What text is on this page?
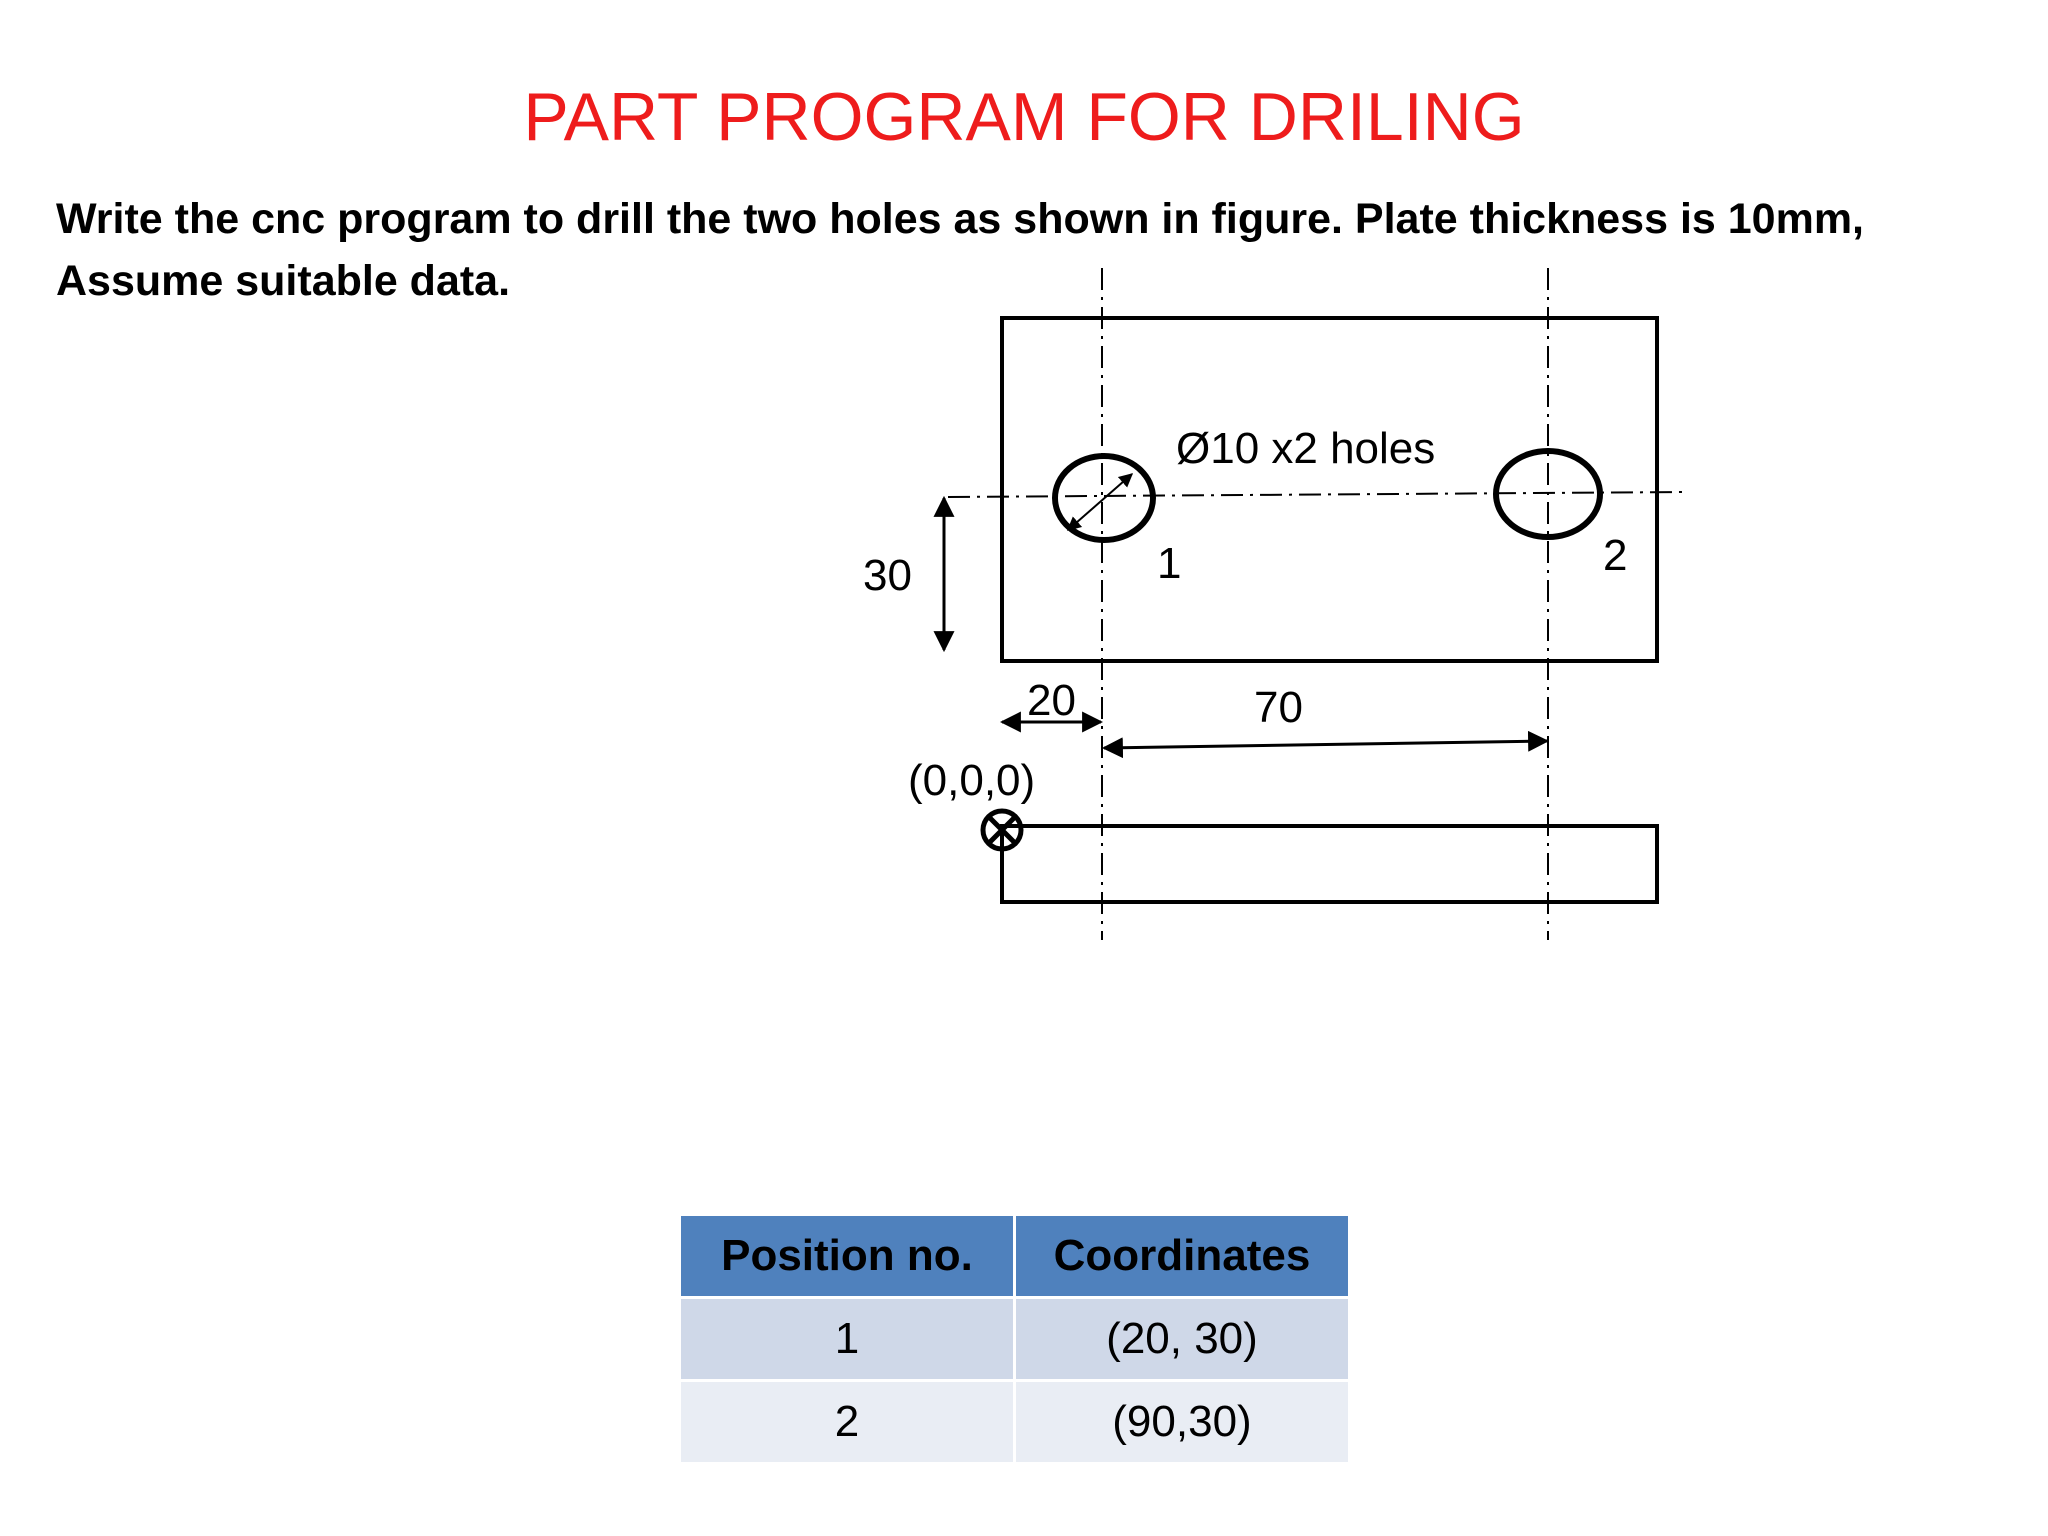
PART PROGRAM FOR DRILING

Write the cnc program to drill the two holes as shown in figure. Plate thickness is 10mm, Assume suitable data.

Ø10 x2 holes
1	2
30
20	70
(0,0,0)
Position no.	Coordinates
1	(20, 30)
2	(90,30)
